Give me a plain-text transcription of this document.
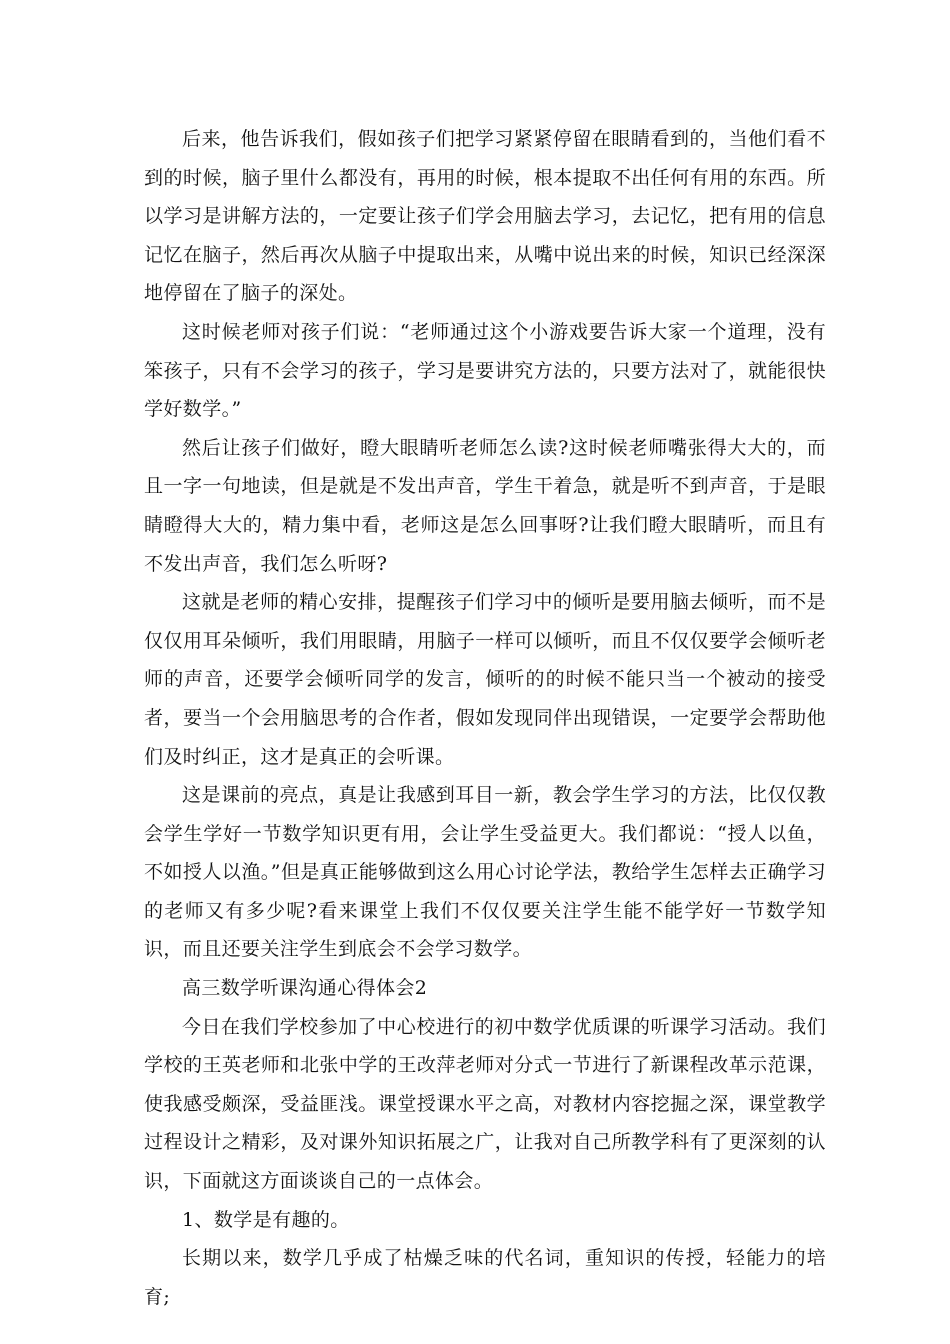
后来，他告诉我们，假如孩子们把学习紧紧停留在眼睛看到的，当他们看不到的时候，脑子里什么都没有，再用的时候，根本提取不出任何有用的东西。所以学习是讲解方法的，一定要让孩子们学会用脑去学习，去记忆，把有用的信息记忆在脑子，然后再次从脑子中提取出来，从嘴中说出来的时候，知识已经深深地停留在了脑子的深处。

这时候老师对孩子们说：“老师通过这个小游戏要告诉大家一个道理，没有笨孩子，只有不会学习的孩子，学习是要讲究方法的，只要方法对了，就能很快学好数学。”

然后让孩子们做好，瞪大眼睛听老师怎么读?这时候老师嘴张得大大的，而且一字一句地读，但是就是不发出声音，学生干着急，就是听不到声音，于是眼睛瞪得大大的，精力集中看，老师这是怎么回事呀?让我们瞪大眼睛听，而且有不发出声音，我们怎么听呀?

这就是老师的精心安排，提醒孩子们学习中的倾听是要用脑去倾听，而不是仅仅用耳朵倾听，我们用眼睛，用脑子一样可以倾听，而且不仅仅要学会倾听老师的声音，还要学会倾听同学的发言，倾听的的时候不能只当一个被动的接受者，要当一个会用脑思考的合作者，假如发现同伴出现错误，一定要学会帮助他们及时纠正，这才是真正的会听课。

这是课前的亮点，真是让我感到耳目一新，教会学生学习的方法，比仅仅教会学生学好一节数学知识更有用，会让学生受益更大。我们都说：“授人以鱼，不如授人以渔。”但是真正能够做到这么用心讨论学法，教给学生怎样去正确学习的老师又有多少呢?看来课堂上我们不仅仅要关注学生能不能学好一节数学知识，而且还要关注学生到底会不会学习数学。

高三数学听课沟通心得体会2

今日在我们学校参加了中心校进行的初中数学优质课的听课学习活动。我们学校的王英老师和北张中学的王改萍老师对分式一节进行了新课程改革示范课，使我感受颇深，受益匪浅。课堂授课水平之高，对教材内容挖掘之深，课堂教学过程设计之精彩，及对课外知识拓展之广，让我对自己所教学科有了更深刻的认识，下面就这方面谈谈自己的一点体会。

1、数学是有趣的。

长期以来，数学几乎成了枯燥乏味的代名词，重知识的传授，轻能力的培育;
